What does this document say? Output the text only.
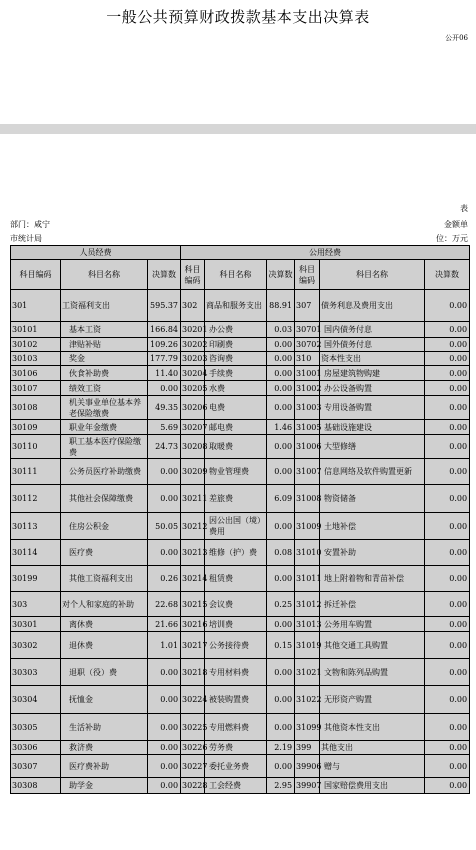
一般公共预算财政拨款基本支出决算表
公开06
表
部门：咸宁	金额单
市统计局	位：万元
人员经费			公用经费					
科目编码	科目名称	决算数	科目编码	科目名称	决算数	科目编码	科目名称	决算数
301	工资福利支出	595.37	302	商品和服务支出	88.91	307	债务利息及费用支出	0.00
30101	基本工资	166.84	30201	办公费	0.03	30701	国内债务付息	0.00
30102	津贴补贴	109.26	30202	印刷费	0.00	30702	国外债务付息	0.00
30103	奖金	177.79	30203	咨询费	0.00	310	资本性支出	0.00
30106	伙食补助费	11.40	30204	手续费	0.00	31001	房屋建筑物购建	0.00
30107	绩效工资	0.00	30205	水费	0.00	31002	办公设备购置	0.00
30108	机关事业单位基本养老保险缴费	49.35	30206	电费	0.00	31003	专用设备购置	0.00
30109	职业年金缴费	5.69	30207	邮电费	1.46	31005	基础设施建设	0.00
30110	职工基本医疗保险缴费	24.73	30208	取暖费	0.00	31006	大型修缮	0.00
30111	公务员医疗补助缴费	0.00	30209	物业管理费	0.00	31007	信息网络及软件购置更新	0.00
30112	其他社会保障缴费	0.00	30211	差旅费	6.09	31008	物资储备	0.00
30113	住房公积金	50.05	30212	因公出国（境）费用	0.00	31009	土地补偿	0.00
30114	医疗费	0.00	30213	维修（护）费	0.08	31010	安置补助	0.00
30199	其他工资福利支出	0.26	30214	租赁费	0.00	31011	地上附着物和青苗补偿	0.00
303	对个人和家庭的补助	22.68	30215	会议费	0.25	31012	拆迁补偿	0.00
30301	离休费	21.66	30216	培训费	0.00	31013	公务用车购置	0.00
30302	退休费	1.01	30217	公务接待费	0.15	31019	其他交通工具购置	0.00
30303	退职（役）费	0.00	30218	专用材料费	0.00	31021	文物和陈列品购置	0.00
30304	抚恤金	0.00	30224	被装购置费	0.00	31022	无形资产购置	0.00
30305	生活补助	0.00	30225	专用燃料费	0.00	31099	其他资本性支出	0.00
30306	救济费	0.00	30226	劳务费	2.19	399	其他支出	0.00
30307	医疗费补助	0.00	30227	委托业务费	0.00	39906	赠与	0.00
30308	助学金	0.00	30228	工会经费	2.95	39907	国家赔偿费用支出	0.00
